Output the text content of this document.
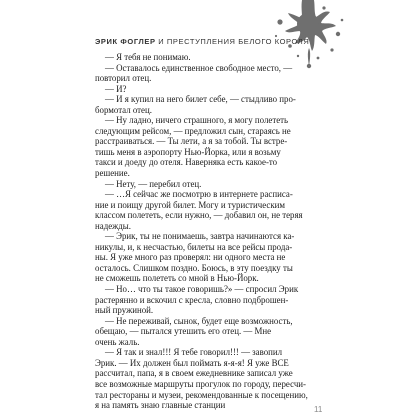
ЭРИК ФОГЛЕР И ПРЕСТУПЛЕНИЯ БЕЛОГО КОРОЛЯ
— Я тебя не понимаю.
— Оставалось единственное свободное место, —
повторил отец.
— И?
— И я купил на него билет себе, — стыдливо про-
бормотал отец.
— Ну ладно, ничего страшного, я могу полететь
следующим рейсом, — предложил сын, стараясь не
расстраиваться. — Ты лети, а я за тобой. Ты встре-
тишь меня в аэропорту Нью-Йорка, или я возьму
такси и доеду до отеля. Наверняка есть какое-то
решение.
— Нету, — перебил отец.
— …Я сейчас же посмотрю в интернете расписа-
ние и поищу другой билет. Могу и туристическим
классом полететь, если нужно, — добавил он, не теряя
надежды.
— Эрик, ты не понимаешь, завтра начинаются ка-
никулы, и, к несчастью, билеты на все рейсы прода-
ны. Я уже много раз проверял: ни одного места не
осталось. Слишком поздно. Боюсь, в эту поездку ты
не сможешь полететь со мной в Нью-Йорк.
— Но… что ты такое говоришь?» — спросил Эрик
растерянно и вскочил с кресла, словно подброшен-
ный пружиной.
— Не переживай, сынок, будет еще возможность,
обещаю, — пытался утешить его отец. — Мне
очень жаль.
— Я так и знал!!! Я тебе говорил!!! — завопил
Эрик. — Их должен был поймать я-я-я! Я уже ВСЕ
рассчитал, папа, я в своем ежедневнике записал уже
все возможные маршруты прогулок по городу, пересчи-
тал рестораны и музеи, рекомендованные к посещению,
я на память знаю главные станции	11
